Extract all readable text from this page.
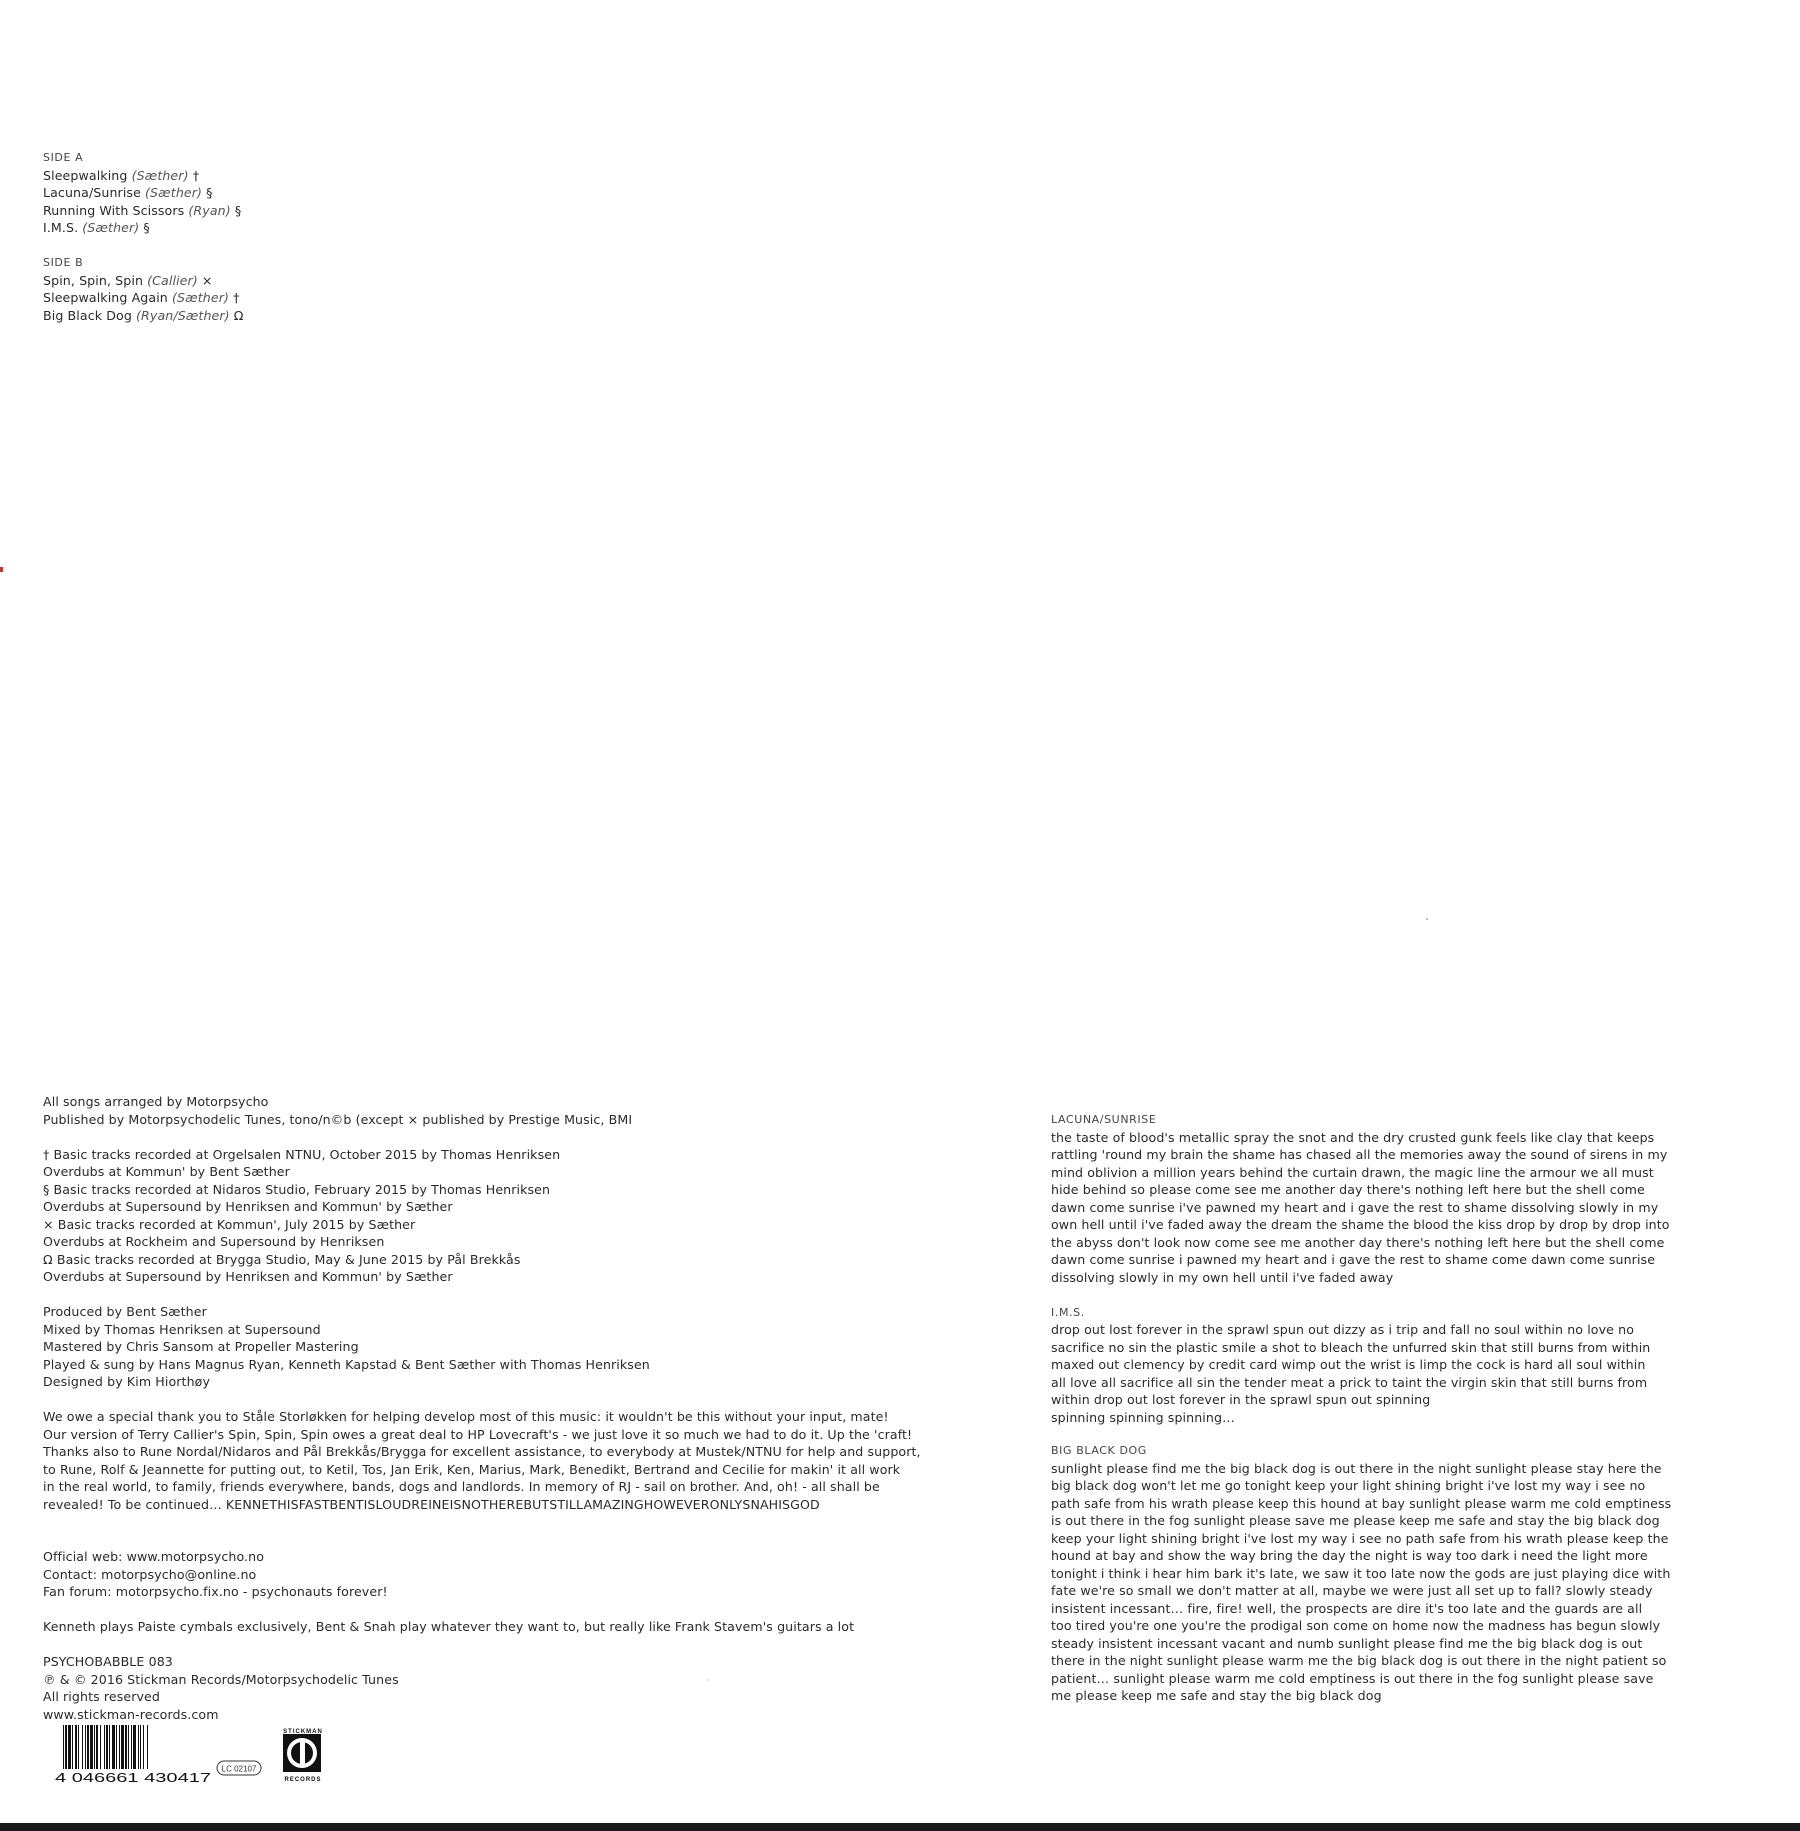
SIDE A
Sleepwalking (Sæther) †
Lacuna/Sunrise (Sæther) §
Running With Scissors (Ryan) §
I.M.S. (Sæther) §
SIDE B
Spin, Spin, Spin (Callier) ×
Sleepwalking Again (Sæther) †
Big Black Dog (Ryan/Sæther) Ω
All songs arranged by Motorpsycho
Published by Motorpsychodelic Tunes, tono/n©b (except × published by Prestige Music, BMI
† Basic tracks recorded at Orgelsalen NTNU, October 2015 by Thomas Henriksen
Overdubs at Kommun' by Bent Sæther
§ Basic tracks recorded at Nidaros Studio, February 2015 by Thomas Henriksen
Overdubs at Supersound by Henriksen and Kommun' by Sæther
× Basic tracks recorded at Kommun', July 2015 by Sæther
Overdubs at Rockheim and Supersound by Henriksen
Ω Basic tracks recorded at Brygga Studio, May & June 2015 by Pål Brekkås
Overdubs at Supersound by Henriksen and Kommun' by Sæther
Produced by Bent Sæther
Mixed by Thomas Henriksen at Supersound
Mastered by Chris Sansom at Propeller Mastering
Played & sung by Hans Magnus Ryan, Kenneth Kapstad & Bent Sæther with Thomas Henriksen
Designed by Kim Hiorthøy
We owe a special thank you to Ståle Storløkken for helping develop most of this music: it wouldn't be this without your input, mate!
Our version of Terry Callier's Spin, Spin, Spin owes a great deal to HP Lovecraft's - we just love it so much we had to do it. Up the 'craft!
Thanks also to Rune Nordal/Nidaros and Pål Brekkås/Brygga for excellent assistance, to everybody at Mustek/NTNU for help and support,
to Rune, Rolf & Jeannette for putting out, to Ketil, Tos, Jan Erik, Ken, Marius, Mark, Benedikt, Bertrand and Cecilie for makin' it all work
in the real world, to family, friends everywhere, bands, dogs and landlords. In memory of RJ - sail on brother. And, oh! - all shall be
revealed! To be continued… KENNETHISFASTBENTISLOUDREINEISNOTHEREBUTSTILLAMAZINGHOWEVERONLYSNAHISGOD
Official web: www.motorpsycho.no
Contact: motorpsycho@online.no
Fan forum: motorpsycho.fix.no - psychonauts forever!
Kenneth plays Paiste cymbals exclusively, Bent & Snah play whatever they want to, but really like Frank Stavem's guitars a lot
PSYCHOBABBLE 083
℗ & © 2016 Stickman Records/Motorpsychodelic Tunes
All rights reserved
www.stickman-records.com
LACUNA/SUNRISE
the taste of blood's metallic spray the snot and the dry crusted gunk feels like clay that keeps
rattling 'round my brain the shame has chased all the memories away the sound of sirens in my
mind oblivion a million years behind the curtain drawn, the magic line the armour we all must
hide behind so please come see me another day there's nothing left here but the shell come
dawn come sunrise i've pawned my heart and i gave the rest to shame dissolving slowly in my
own hell until i've faded away the dream the shame the blood the kiss drop by drop by drop into
the abyss don't look now come see me another day there's nothing left here but the shell come
dawn come sunrise i pawned my heart and i gave the rest to shame come dawn come sunrise
dissolving slowly in my own hell until i've faded away
I.M.S.
drop out lost forever in the sprawl spun out dizzy as i trip and fall no soul within no love no
sacrifice no sin the plastic smile a shot to bleach the unfurred skin that still burns from within
maxed out clemency by credit card wimp out the wrist is limp the cock is hard all soul within
all love all sacrifice all sin the tender meat a prick to taint the virgin skin that still burns from
within drop out lost forever in the sprawl spun out spinning
spinning spinning spinning…
BIG BLACK DOG
sunlight please find me the big black dog is out there in the night sunlight please stay here the
big black dog won't let me go tonight keep your light shining bright i've lost my way i see no
path safe from his wrath please keep this hound at bay sunlight please warm me cold emptiness
is out there in the fog sunlight please save me please keep me safe and stay the big black dog
keep your light shining bright i've lost my way i see no path safe from his wrath please keep the
hound at bay and show the way bring the day the night is way too dark i need the light more
tonight i think i hear him bark it's late, we saw it too late now the gods are just playing dice with
fate we're so small we don't matter at all, maybe we were just all set up to fall? slowly steady
insistent incessant… fire, fire! well, the prospects are dire it's too late and the guards are all
too tired you're one you're the prodigal son come on home now the madness has begun slowly
steady insistent incessant vacant and numb sunlight please find me the big black dog is out
there in the night sunlight please warm me the big black dog is out there in the night patient so
patient… sunlight please warm me cold emptiness is out there in the fog sunlight please save
me please keep me safe and stay the big black dog
4 046661 430417
LC 02107
STICKMAN
RECORDS
